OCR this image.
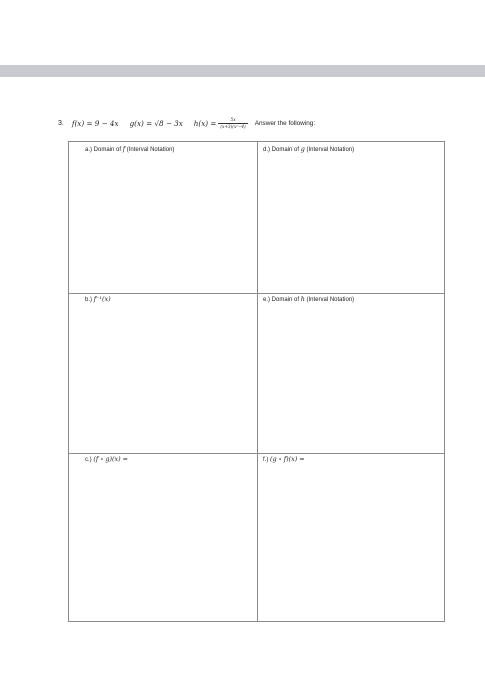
3. f(x) = 9 − 4x g(x) = √8 − 3x $h(x) = \frac{5x}{\text{(x+3)(x²−4)}}$ Answer the following:
a.) Domain of f (Interval Notation)	d.) Domain of g (Interval Notation)
b.) f⁻¹(x)	e.) Domain of h (Interval Notation)
c.) (f ∘ g)(x) =	f.) (g ∘ f)(x) =
